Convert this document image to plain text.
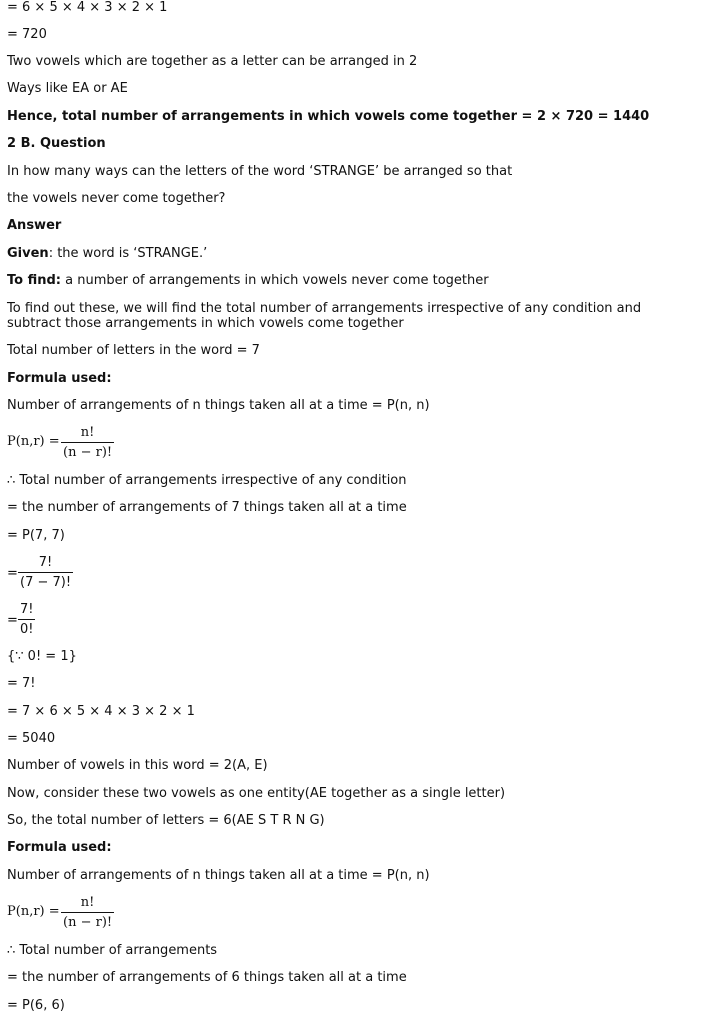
= 6 × 5 × 4 × 3 × 2 × 1
= 720
Two vowels which are together as a letter can be arranged in 2
Ways like EA or AE
Hence, total number of arrangements in which vowels come together = 2 × 720 = 1440
2 B. Question
In how many ways can the letters of the word ‘STRANGE’ be arranged so that
the vowels never come together?
Answer
Given: the word is ‘STRANGE.’
To find: a number of arrangements in which vowels never come together
To find out these, we will find the total number of arrangements irrespective of any condition and subtract those arrangements in which vowels come together
Total number of letters in the word = 7
Formula used:
Number of arrangements of n things taken all at a time = P(n, n)
$P(n,r) = \frac{n!}{(n - r)!}$
∴ Total number of arrangements irrespective of any condition
= the number of arrangements of 7 things taken all at a time
= P(7, 7)
= $\frac{7!}{(7 - 7)!}$
= $\frac{7!}{0!}$
{∵ 0! = 1}
= 7!
= 7 × 6 × 5 × 4 × 3 × 2 × 1
= 5040
Number of vowels in this word = 2(A, E)
Now, consider these two vowels as one entity(AE together as a single letter)
So, the total number of letters = 6(AE S T R N G)
Formula used:
Number of arrangements of n things taken all at a time = P(n, n)
$P(n,r) = \frac{n!}{(n - r)!}$
∴ Total number of arrangements
= the number of arrangements of 6 things taken all at a time
= P(6, 6)
